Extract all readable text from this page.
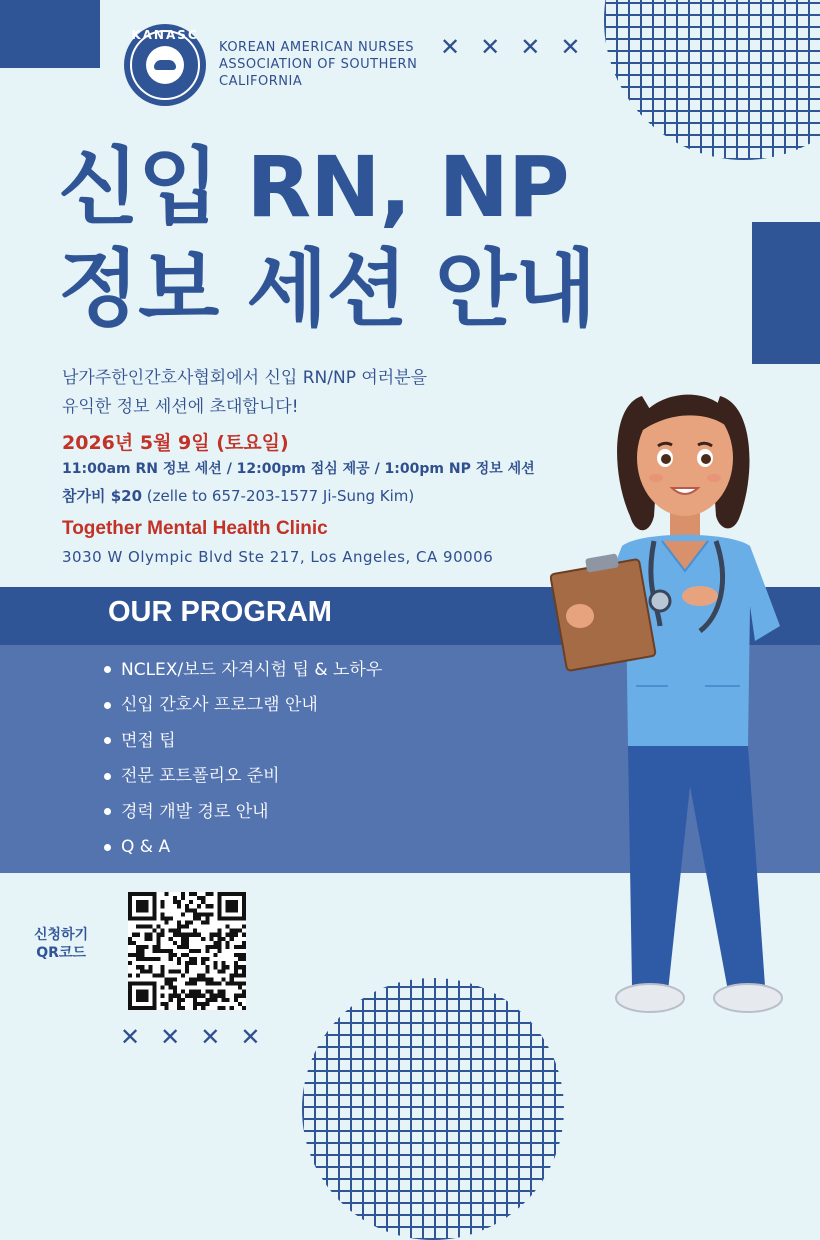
KANASC
KOREAN AMERICAN NURSES ASSOCIATION OF SOUTHERN CALIFORNIA
✕ ✕ ✕ ✕
신입 RN, NP
정보 세션 안내
남가주한인간호사협회에서 신입 RN/NP 여러분을
유익한 정보 세션에 초대합니다!
2026년 5월 9일 (토요일)
11:00am RN 정보 세션 / 12:00pm 점심 제공 / 1:00pm NP 정보 세션
참가비 $20 (zelle to 657-203-1577 Ji-Sung Kim)
Together Mental Health Clinic
3030 W Olympic Blvd Ste 217, Los Angeles, CA 90006
OUR PROGRAM
NCLEX/보드 자격시험 팁 & 노하우
신입 간호사 프로그램 안내
면접 팁
전문 포트폴리오 준비
경력 개발 경로 안내
Q & A
신청하기
QR코드
✕ ✕ ✕ ✕
